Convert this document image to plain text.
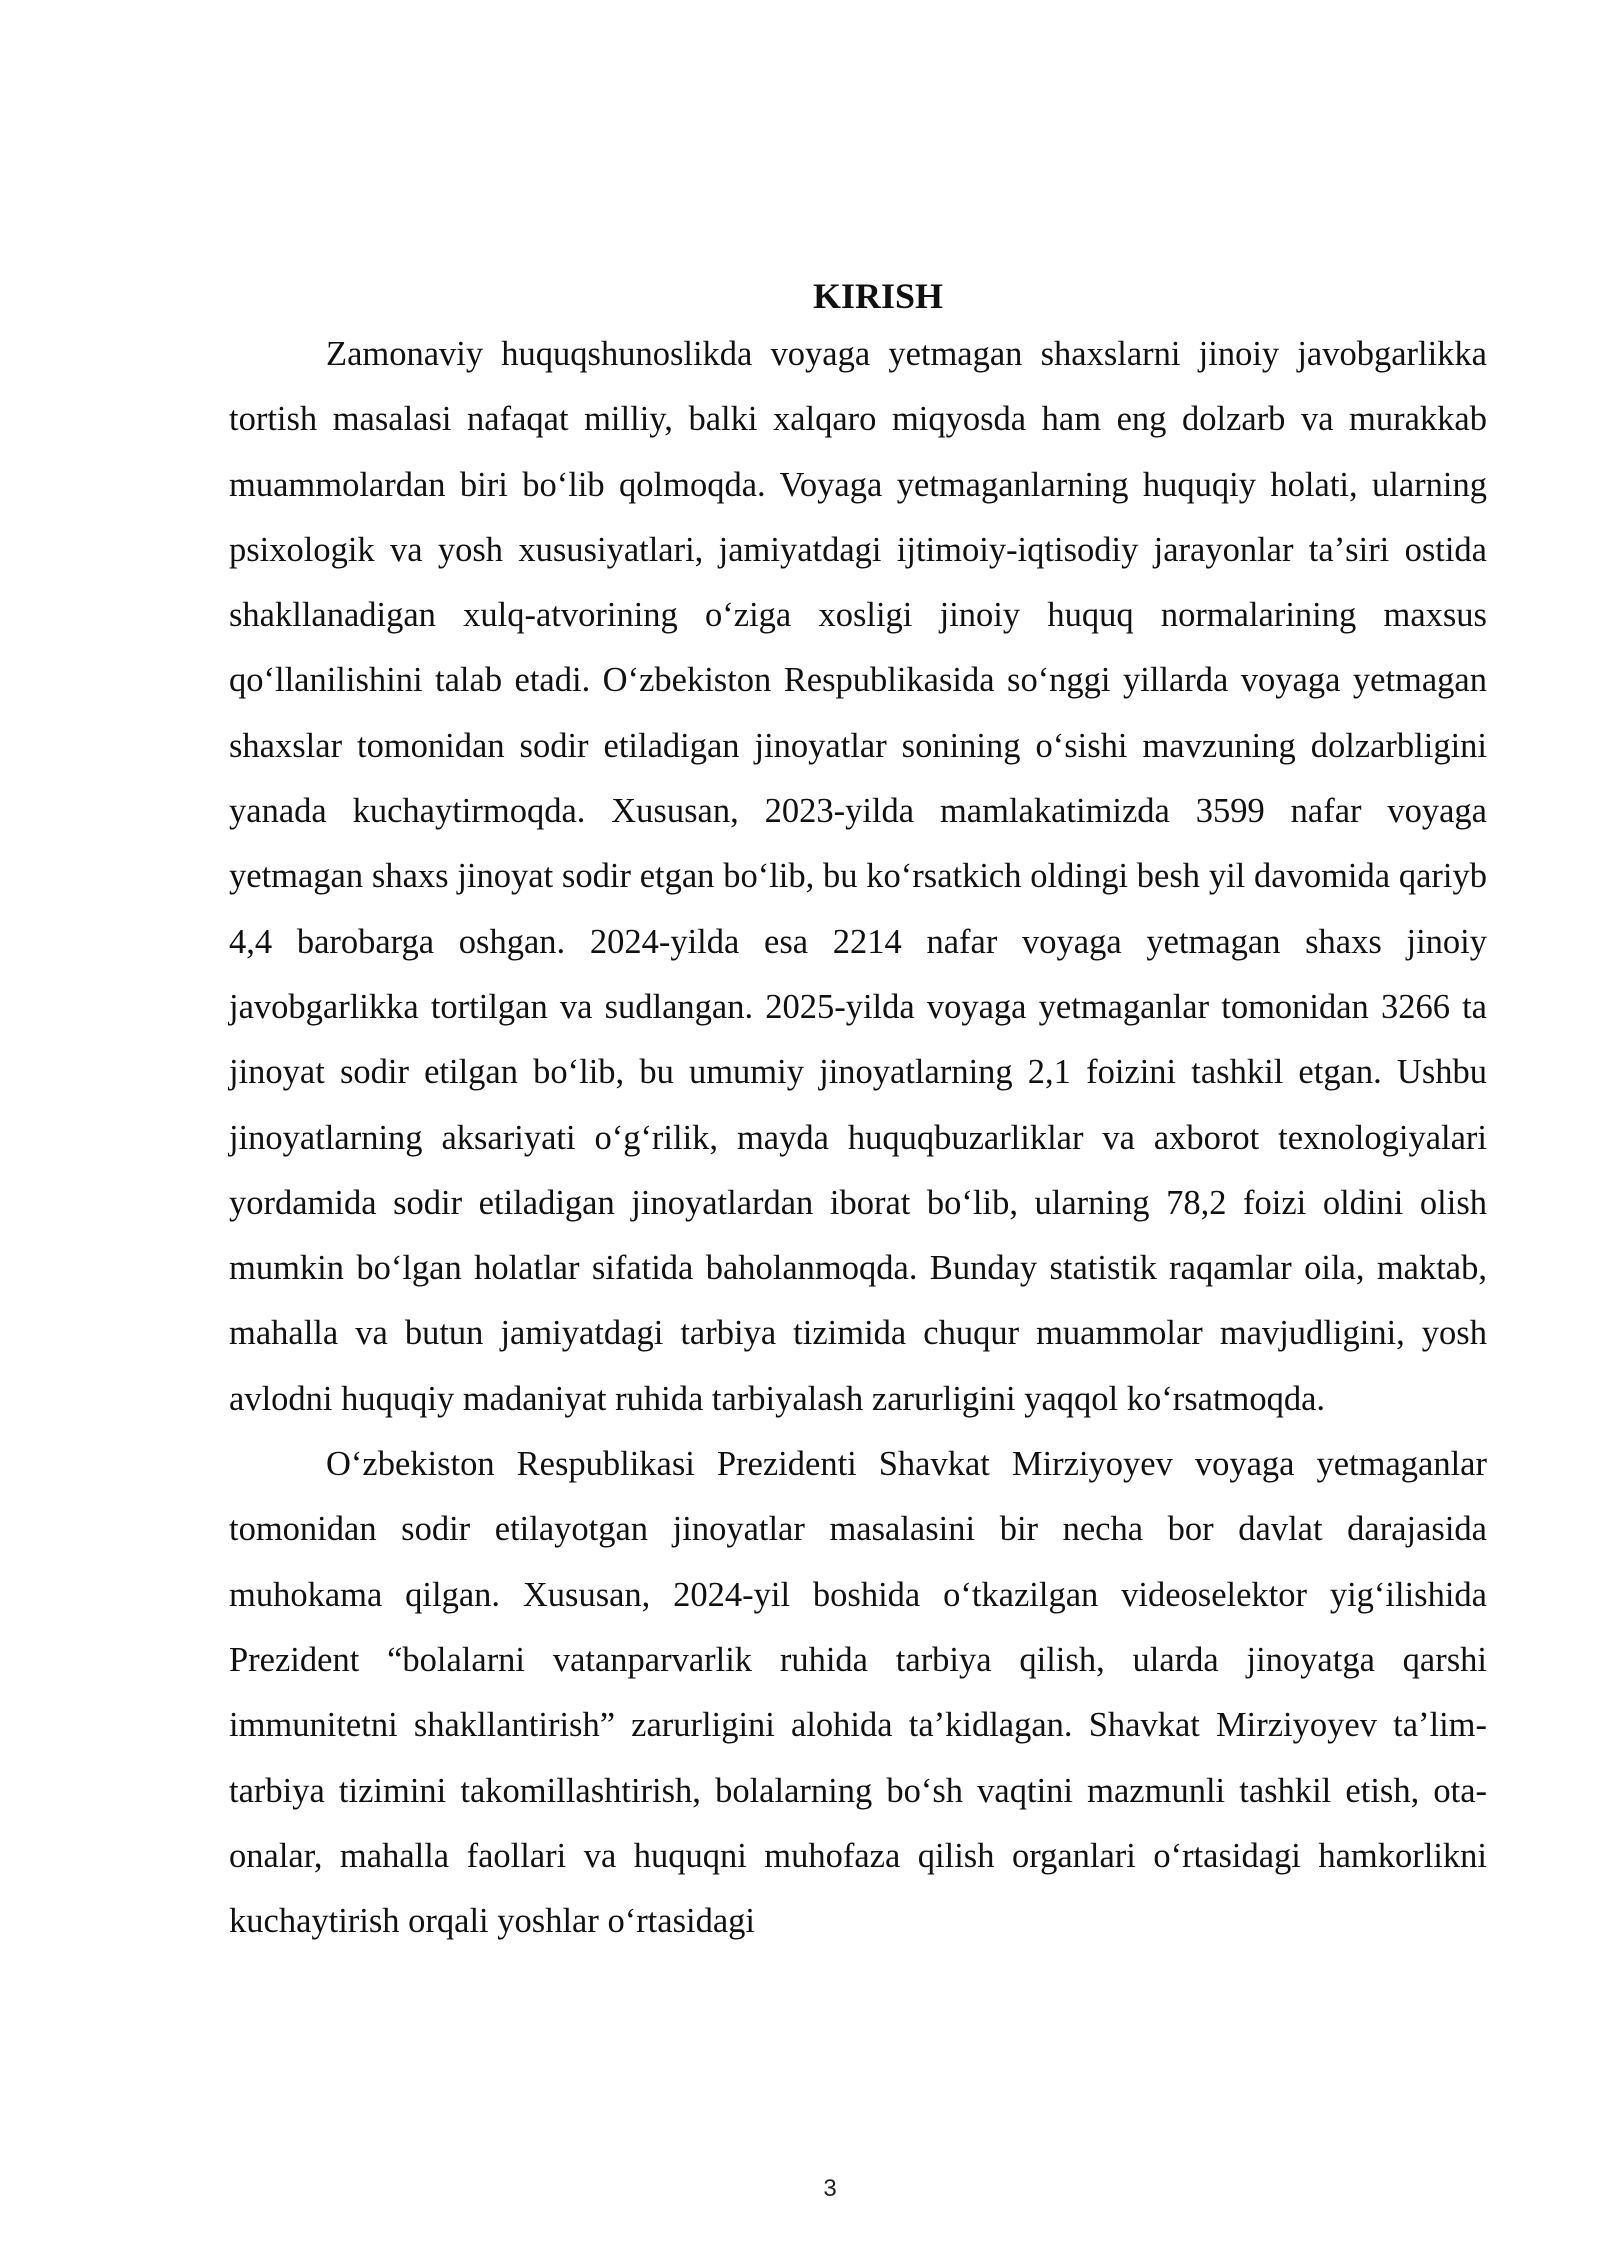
KIRISH

Zamonaviy huquqshunoslikda voyaga yetmagan shaxslarni jinoiy javobgarlikka tortish masalasi nafaqat milliy, balki xalqaro miqyosda ham eng dolzarb va murakkab muammolardan biri boʻlib qolmoqda. Voyaga yetmaganlarning huquqiy holati, ularning psixologik va yosh xususiyatlari, jamiyatdagi ijtimoiy-iqtisodiy jarayonlar taʼsiri ostida shakllanadigan xulq-atvorining oʻziga xosligi jinoiy huquq normalarining maxsus qoʻllanilishini talab etadi. Oʻzbekiston Respublikasida soʻnggi yillarda voyaga yetmagan shaxslar tomonidan sodir etiladigan jinoyatlar sonining oʻsishi mavzuning dolzarbligini yanada kuchaytirmoqda. Xususan, 2023-yilda mamlakatimizda 3599 nafar voyaga yetmagan shaxs jinoyat sodir etgan boʻlib, bu koʻrsatkich oldingi besh yil davomida qariyb 4,4 barobarga oshgan. 2024-yilda esa 2214 nafar voyaga yetmagan shaxs jinoiy javobgarlikka tortilgan va sudlangan. 2025-yilda voyaga yetmaganlar tomonidan 3266 ta jinoyat sodir etilgan boʻlib, bu umumiy jinoyatlarning 2,1 foizini tashkil etgan. Ushbu jinoyatlarning aksariyati oʻgʻrilik, mayda huquqbuzarliklar va axborot texnologiyalari yordamida sodir etiladigan jinoyatlardan iborat boʻlib, ularning 78,2 foizi oldini olish mumkin boʻlgan holatlar sifatida baholanmoqda. Bunday statistik raqamlar oila, maktab, mahalla va butun jamiyatdagi tarbiya tizimida chuqur muammolar mavjudligini, yosh avlodni huquqiy madaniyat ruhida tarbiyalash zarurligini yaqqol koʻrsatmoqda.

Oʻzbekiston Respublikasi Prezidenti Shavkat Mirziyoyev voyaga yetmaganlar tomonidan sodir etilayotgan jinoyatlar masalasini bir necha bor davlat darajasida muhokama qilgan. Xususan, 2024-yil boshida oʻtkazilgan videoselektor yigʻilishida Prezident “bolalarni vatanparvarlik ruhida tarbiya qilish, ularda jinoyatga qarshi immunitetni shakllantirish” zarurligini alohida taʼkidlagan. Shavkat Mirziyoyev taʼlim-tarbiya tizimini takomillashtirish, bolalarning boʻsh vaqtini mazmunli tashkil etish, ota-onalar, mahalla faollari va huquqni muhofaza qilish organlari oʻrtasidagi hamkorlikni kuchaytirish orqali yoshlar oʻrtasidagi

3
